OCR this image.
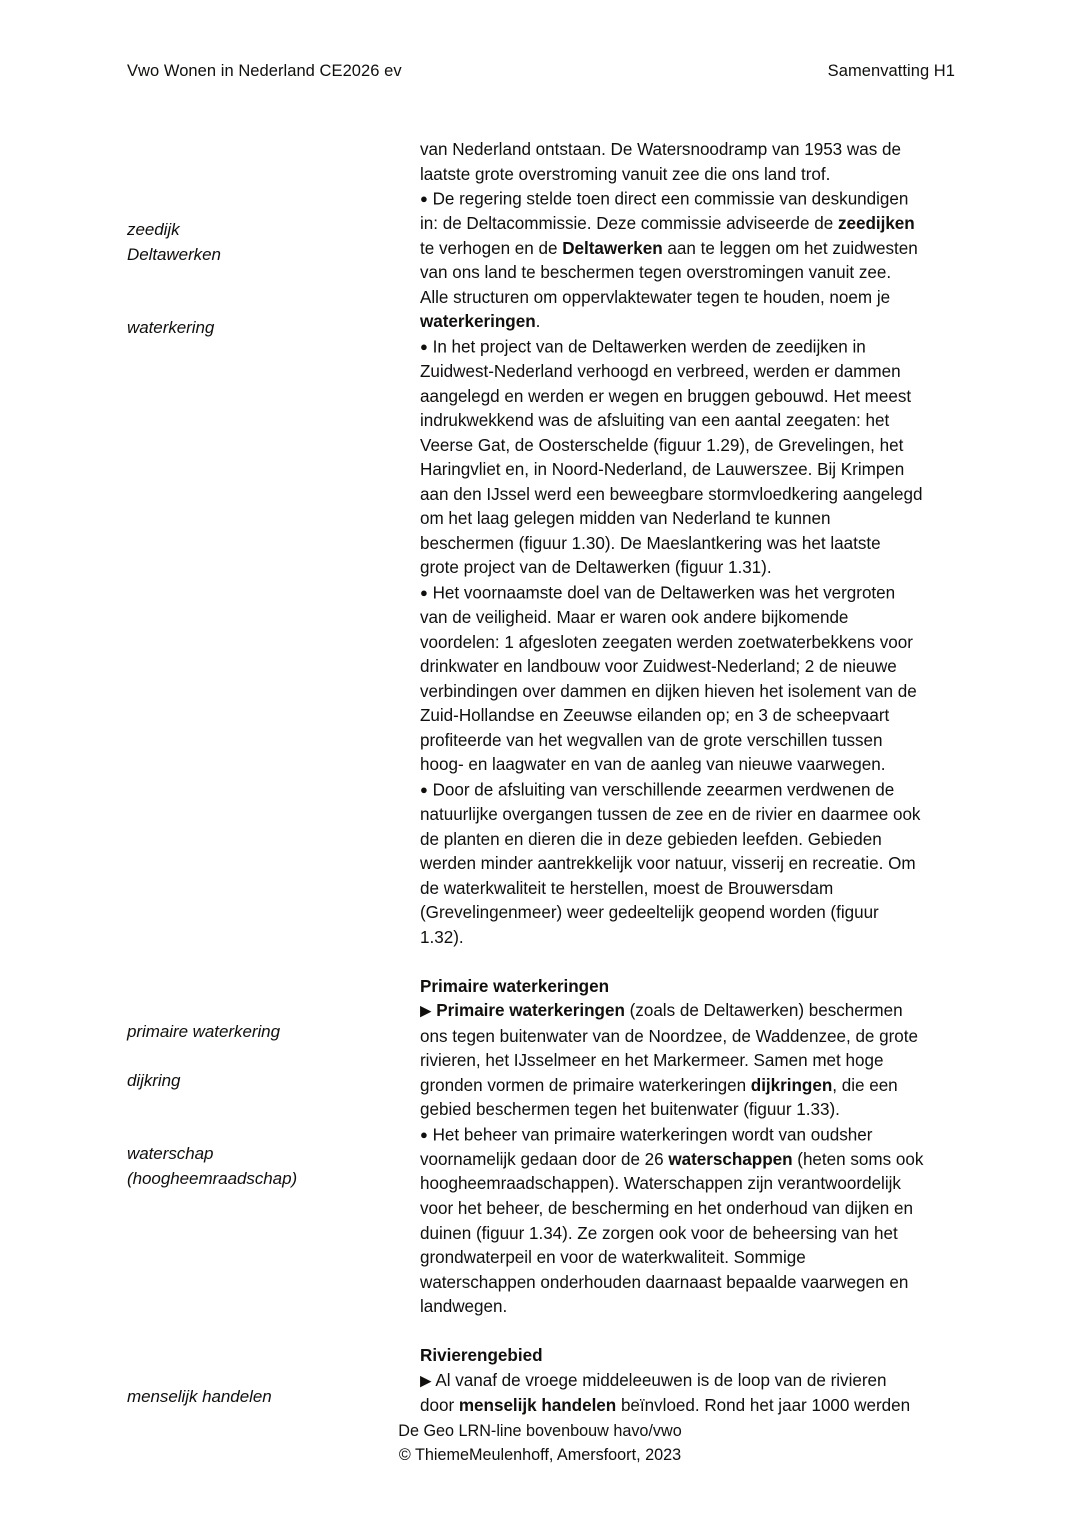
Vwo Wonen in Nederland CE2026 ev	Samenvatting H1
zeedijk
Deltawerken
waterkering
primaire waterkering
dijkring
waterschap
(hoogheemraadschap)
menselijk handelen
van Nederland ontstaan. De Watersnoodramp van 1953 was de
laatste grote overstroming vanuit zee die ons land trof.
● De regering stelde toen direct een commissie van deskundigen
in: de Deltacommissie. Deze commissie adviseerde de zeedijken
te verhogen en de Deltawerken aan te leggen om het zuidwesten
van ons land te beschermen tegen overstromingen vanuit zee.
Alle structuren om oppervlaktewater tegen te houden, noem je
waterkeringen.
● In het project van de Deltawerken werden de zeedijken in
Zuidwest-Nederland verhoogd en verbreed, werden er dammen
aangelegd en werden er wegen en bruggen gebouwd. Het meest
indrukwekkend was de afsluiting van een aantal zeegaten: het
Veerse Gat, de Oosterschelde (figuur 1.29), de Grevelingen, het
Haringvliet en, in Noord-Nederland, de Lauwerszee. Bij Krimpen
aan den IJssel werd een beweegbare stormvloedkering aangelegd
om het laag gelegen midden van Nederland te kunnen
beschermen (figuur 1.30). De Maeslantkering was het laatste
grote project van de Deltawerken (figuur 1.31).
● Het voornaamste doel van de Deltawerken was het vergroten
van de veiligheid. Maar er waren ook andere bijkomende
voordelen: 1 afgesloten zeegaten werden zoetwaterbekkens voor
drinkwater en landbouw voor Zuidwest-Nederland; 2 de nieuwe
verbindingen over dammen en dijken hieven het isolement van de
Zuid-Hollandse en Zeeuwse eilanden op; en 3 de scheepvaart
profiteerde van het wegvallen van de grote verschillen tussen
hoog- en laagwater en van de aanleg van nieuwe vaarwegen.
● Door de afsluiting van verschillende zeearmen verdwenen de
natuurlijke overgangen tussen de zee en de rivier en daarmee ook
de planten en dieren die in deze gebieden leefden. Gebieden
werden minder aantrekkelijk voor natuur, visserij en recreatie. Om
de waterkwaliteit te herstellen, moest de Brouwersdam
(Grevelingenmeer) weer gedeeltelijk geopend worden (figuur
1.32).
Primaire waterkeringen
▶ Primaire waterkeringen (zoals de Deltawerken) beschermen
ons tegen buitenwater van de Noordzee, de Waddenzee, de grote
rivieren, het IJsselmeer en het Markermeer. Samen met hoge
gronden vormen de primaire waterkeringen dijkringen, die een
gebied beschermen tegen het buitenwater (figuur 1.33).
● Het beheer van primaire waterkeringen wordt van oudsher
voornamelijk gedaan door de 26 waterschappen (heten soms ook
hoogheemraadschappen). Waterschappen zijn verantwoordelijk
voor het beheer, de bescherming en het onderhoud van dijken en
duinen (figuur 1.34). Ze zorgen ook voor de beheersing van het
grondwaterpeil en voor de waterkwaliteit. Sommige
waterschappen onderhouden daarnaast bepaalde vaarwegen en
landwegen.
Rivierengebied
▶ Al vanaf de vroege middeleeuwen is de loop van de rivieren
door menselijk handelen beïnvloed. Rond het jaar 1000 werden
De Geo LRN-line bovenbouw havo/vwo
© ThiemeMeulenhoff, Amersfoort, 2023
